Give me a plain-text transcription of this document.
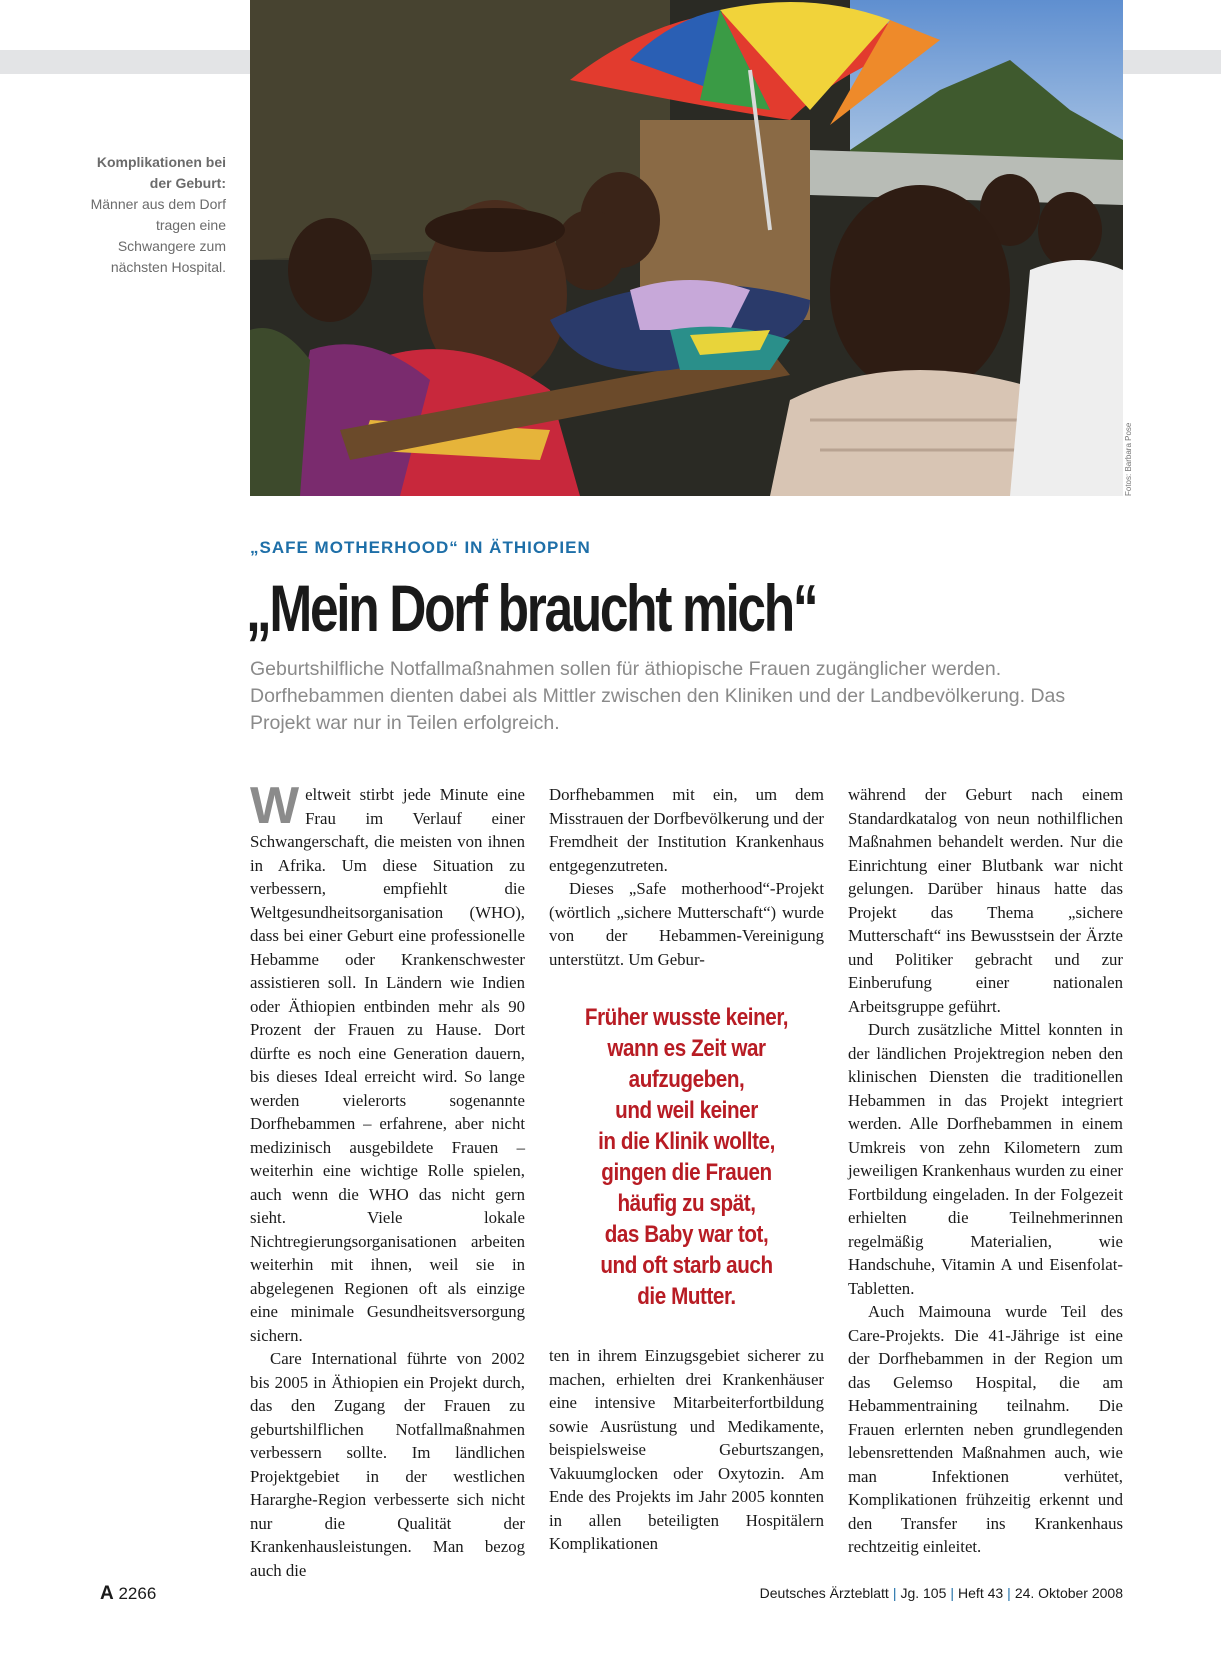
Komplikationen bei der Geburt:
Männer aus dem Dorf tragen eine Schwangere zum nächsten Hospital.
Fotos: Barbara Pose
„SAFE MOTHERHOOD“ IN ÄTHIOPIEN
„Mein Dorf braucht mich“
Geburtshilfliche Notfallmaßnahmen sollen für äthiopische Frauen zugänglicher werden. Dorfhebammen dienten dabei als Mittler zwischen den Kliniken und der Landbevölkerung. Das Projekt war nur in Teilen erfolgreich.

Weltweit stirbt jede Minute eine Frau im Verlauf einer Schwangerschaft, die meisten von ihnen in Afrika. Um diese Situation zu verbessern, empfiehlt die Weltgesundheitsorganisation (WHO), dass bei einer Geburt eine professionelle Hebamme oder Krankenschwester assistieren soll. In Ländern wie Indien oder Äthiopien entbinden mehr als 90 Prozent der Frauen zu Hause. Dort dürfte es noch eine Generation dauern, bis dieses Ideal erreicht wird. So lange werden vielerorts sogenannte Dorfhebammen – erfahrene, aber nicht medizinisch ausgebildete Frauen – weiterhin eine wichtige Rolle spielen, auch wenn die WHO das nicht gern sieht. Viele lokale Nichtregierungsorganisationen arbeiten weiterhin mit ihnen, weil sie in abgelegenen Regionen oft als einzige eine minimale Gesundheitsversorgung sichern.

Care International führte von 2002 bis 2005 in Äthiopien ein Projekt durch, das den Zugang der Frauen zu geburtshilflichen Notfallmaßnahmen verbessern sollte. Im ländlichen Projektgebiet in der westlichen Hararghe-Region verbesserte sich nicht nur die Qualität der Krankenhausleistungen. Man bezog auch die

Dorfhebammen mit ein, um dem Misstrauen der Dorfbevölkerung und der Fremdheit der Institution Krankenhaus entgegenzutreten.

Dieses „Safe motherhood“-Projekt (wörtlich „sichere Mutterschaft“) wurde von der Hebammen-Vereinigung unterstützt. Um Gebur-

Früher wusste keiner,
wann es Zeit war
aufzugeben,
und weil keiner
in die Klinik wollte,
gingen die Frauen
häufig zu spät,
das Baby war tot,
und oft starb auch
die Mutter.

ten in ihrem Einzugsgebiet sicherer zu machen, erhielten drei Krankenhäuser eine intensive Mitarbeiterfortbildung sowie Ausrüstung und Medikamente, beispielsweise Geburtszangen, Vakuumglocken oder Oxytozin. Am Ende des Projekts im Jahr 2005 konnten in allen beteiligten Hospitälern Komplikationen

während der Geburt nach einem Standardkatalog von neun nothilflichen Maßnahmen behandelt werden. Nur die Einrichtung einer Blutbank war nicht gelungen. Darüber hinaus hatte das Projekt das Thema „sichere Mutterschaft“ ins Bewusstsein der Ärzte und Politiker gebracht und zur Einberufung einer nationalen Arbeitsgruppe geführt.

Durch zusätzliche Mittel konnten in der ländlichen Projektregion neben den klinischen Diensten die traditionellen Hebammen in das Projekt integriert werden. Alle Dorfhebammen in einem Umkreis von zehn Kilometern zum jeweiligen Krankenhaus wurden zu einer Fortbildung eingeladen. In der Folgezeit erhielten die Teilnehmerinnen regelmäßig Materialien, wie Handschuhe, Vitamin A und Eisenfolat-Tabletten.

Auch Maimouna wurde Teil des Care-Projekts. Die 41-Jährige ist eine der Dorfhebammen in der Region um das Gelemso Hospital, die am Hebammentraining teilnahm. Die Frauen erlernten neben grundlegenden lebensrettenden Maßnahmen auch, wie man Infektionen verhütet, Komplikationen frühzeitig erkennt und den Transfer ins Krankenhaus rechtzeitig einleitet.

A 2266	Deutsches Ärzteblatt | Jg. 105 | Heft 43 | 24. Oktober 2008
